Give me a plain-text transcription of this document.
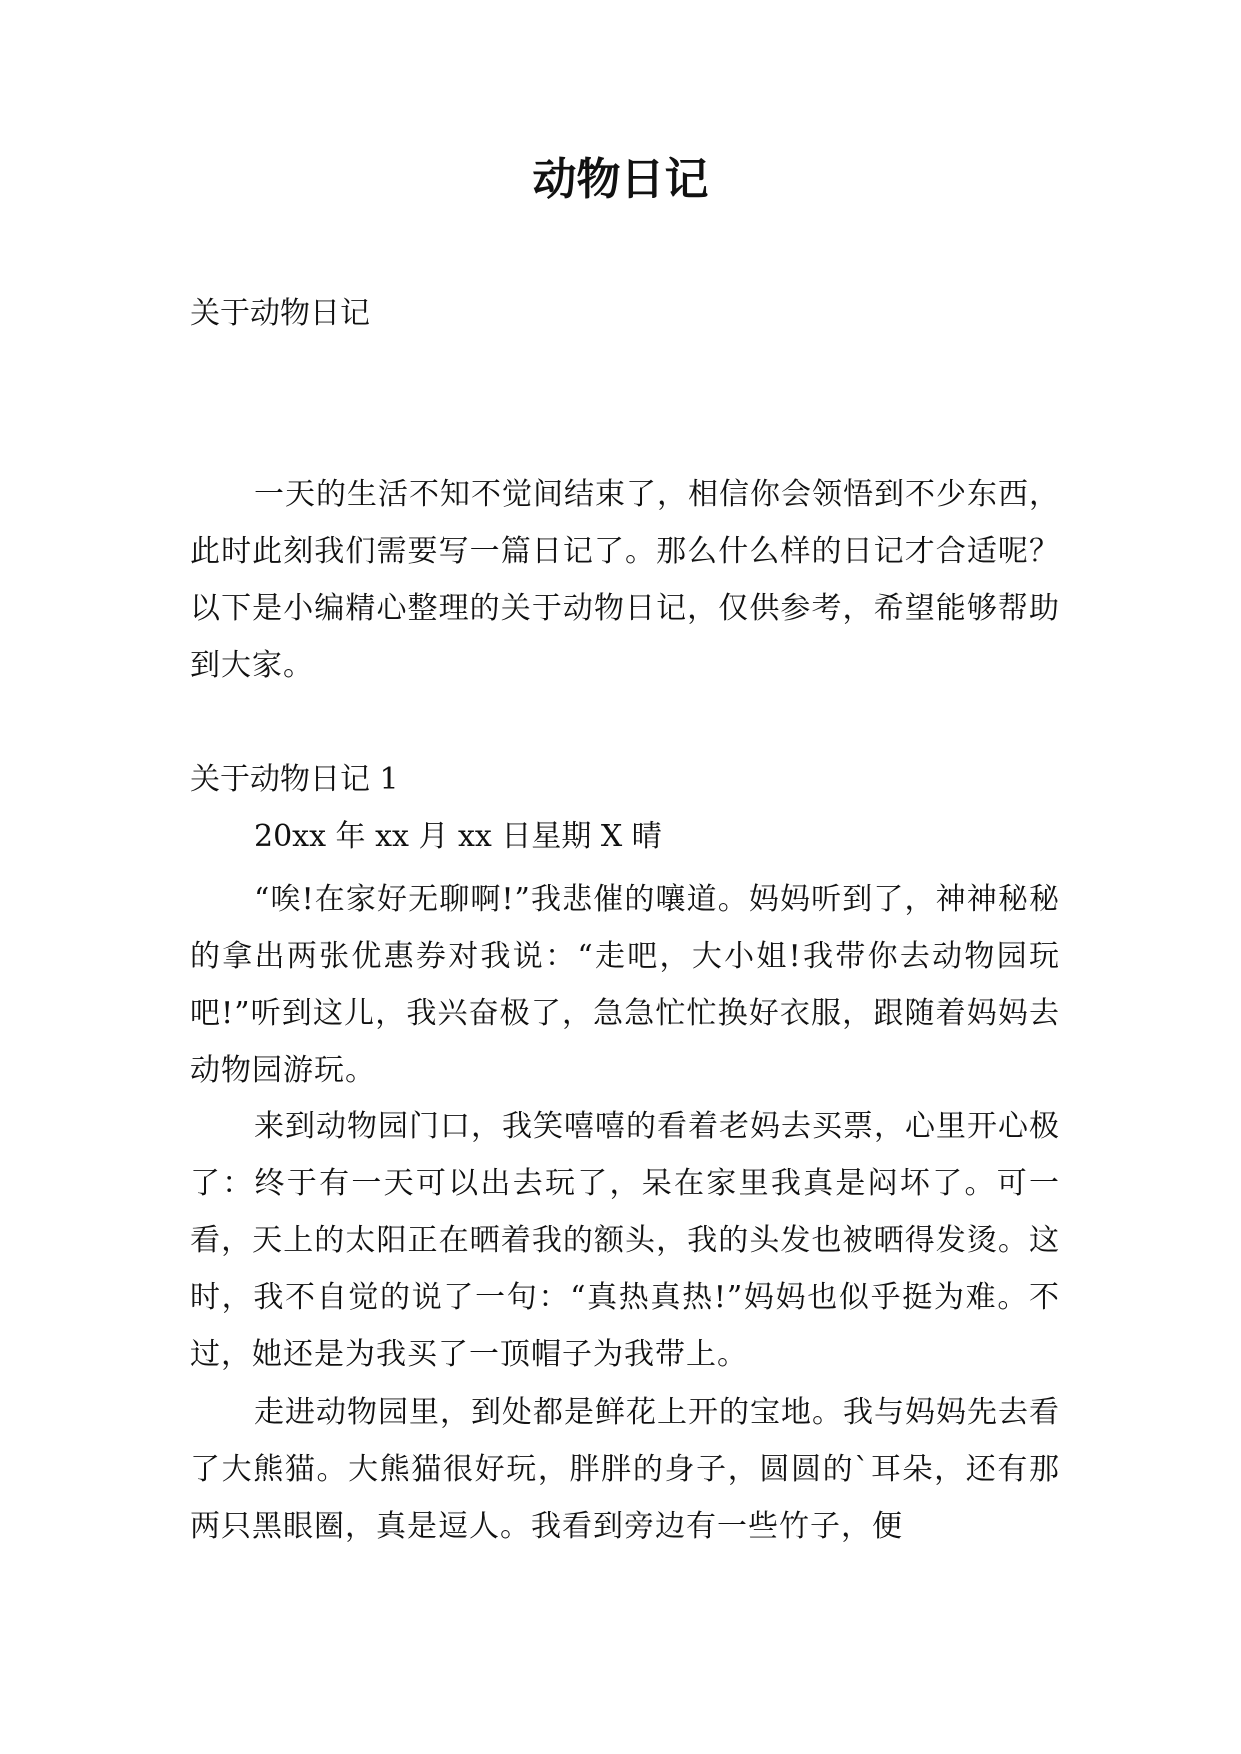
动物日记

关于动物日记

一天的生活不知不觉间结束了，相信你会领悟到不少东西，此时此刻我们需要写一篇日记了。那么什么样的日记才合适呢？以下是小编精心整理的关于动物日记，仅供参考，希望能够帮助到大家。

关于动物日记 1

20xx 年 xx 月 xx 日星期 X 晴

“唉!在家好无聊啊!”我悲催的嚷道。妈妈听到了，神神秘秘的拿出两张优惠券对我说：“走吧，大小姐!我带你去动物园玩吧!”听到这儿，我兴奋极了，急急忙忙换好衣服，跟随着妈妈去动物园游玩。

来到动物园门口，我笑嘻嘻的看着老妈去买票，心里开心极了：终于有一天可以出去玩了，呆在家里我真是闷坏了。可一看，天上的太阳正在晒着我的额头，我的头发也被晒得发烫。这时，我不自觉的说了一句：“真热真热!”妈妈也似乎挺为难。不过，她还是为我买了一顶帽子为我带上。

走进动物园里，到处都是鲜花上开的宝地。我与妈妈先去看了大熊猫。大熊猫很好玩，胖胖的身子，圆圆的`耳朵，还有那两只黑眼圈，真是逗人。我看到旁边有一些竹子，便
